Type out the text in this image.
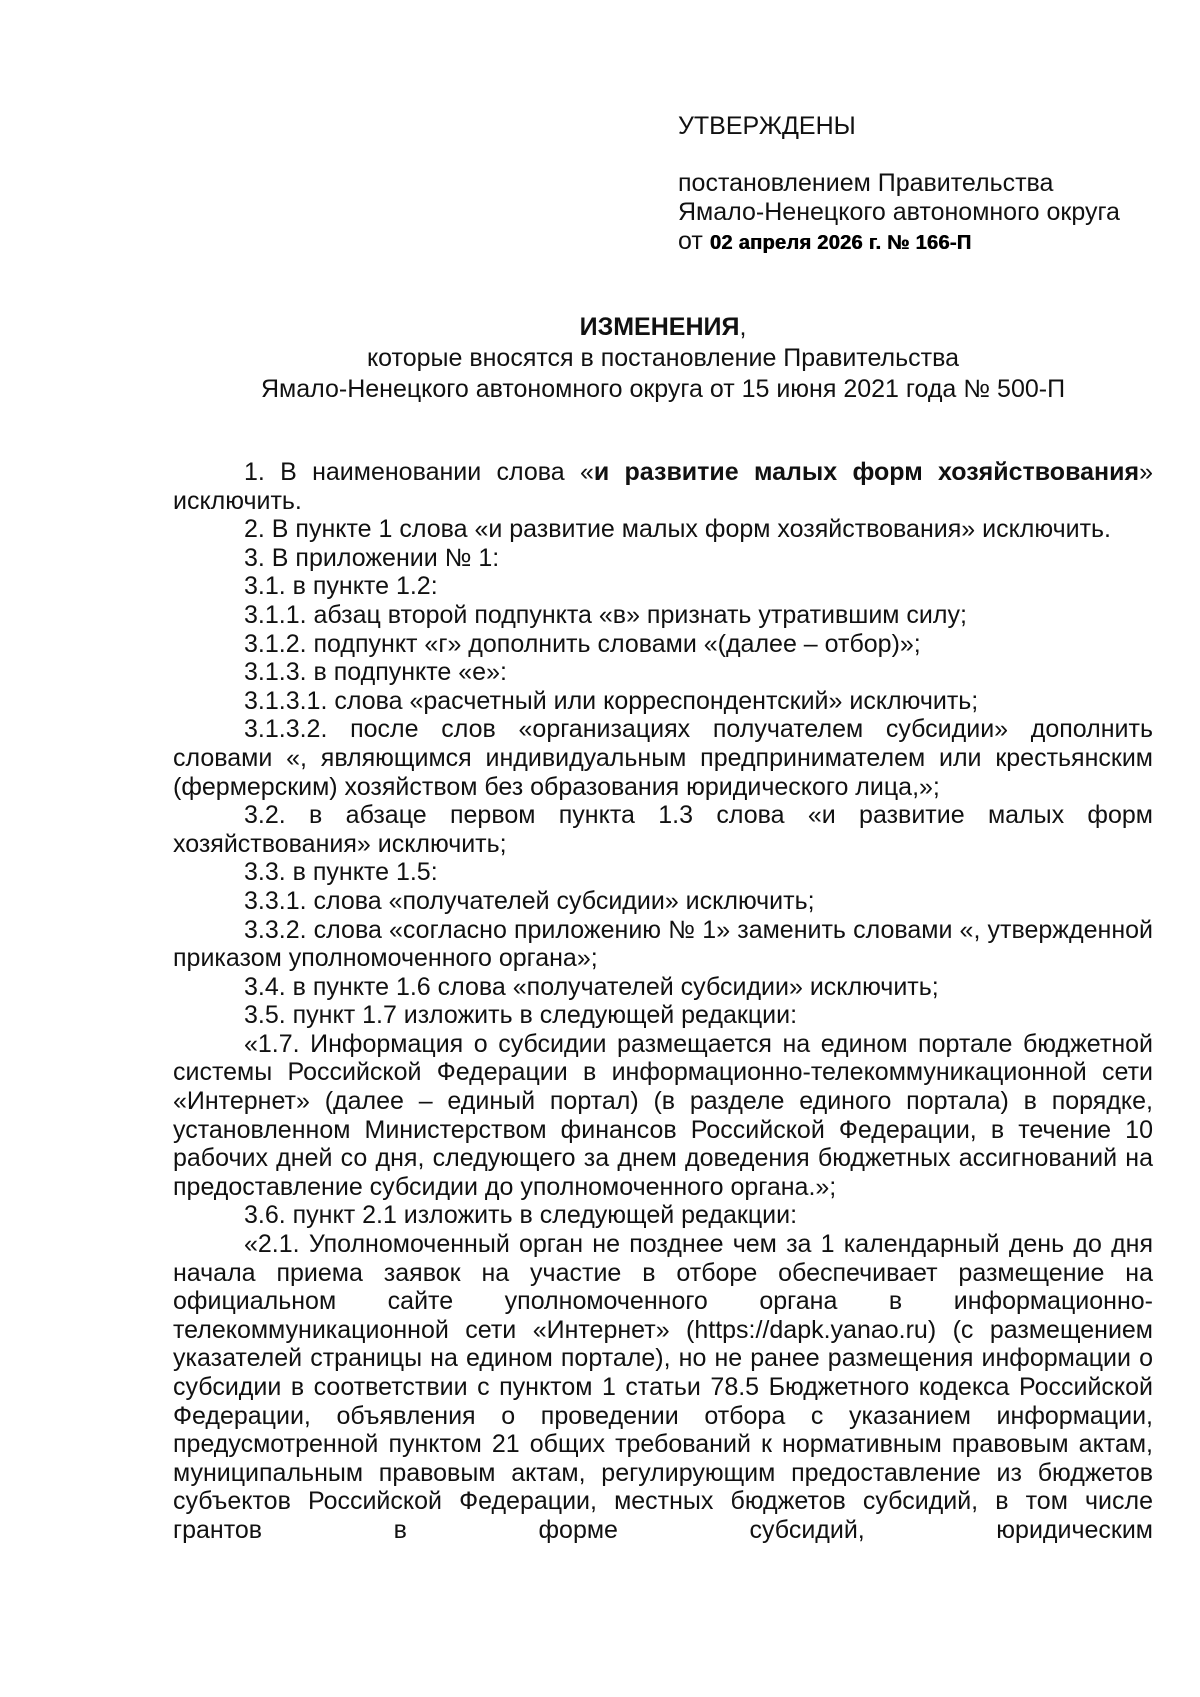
УТВЕРЖДЕНЫ
постановлением Правительства
Ямало-Ненецкого автономного округа
от 02 апреля 2026 г. № 166-П
ИЗМЕНЕНИЯ,
которые вносятся в постановление Правительства
Ямало-Ненецкого автономного округа от 15 июня 2021 года № 500-П

1. В наименовании слова «и развитие малых форм хозяйствования» исключить.

2. В пункте 1 слова «и развитие малых форм хозяйствования» исключить.

3. В приложении № 1:

3.1. в пункте 1.2:

3.1.1. абзац второй подпункта «в» признать утратившим силу;

3.1.2. подпункт «г» дополнить словами «(далее – отбор)»;

3.1.3. в подпункте «е»:

3.1.3.1. слова «расчетный или корреспондентский» исключить;

3.1.3.2. после слов «организациях получателем субсидии» дополнить словами «, являющимся индивидуальным предпринимателем или крестьянским (фермерским) хозяйством без образования юридического лица,»;

3.2. в абзаце первом пункта 1.3 слова «и развитие малых форм хозяйствования» исключить;

3.3. в пункте 1.5:

3.3.1. слова «получателей субсидии» исключить;

3.3.2. слова «согласно приложению № 1» заменить словами «, утвержденной приказом уполномоченного органа»;

3.4. в пункте 1.6 слова «получателей субсидии» исключить;

3.5. пункт 1.7 изложить в следующей редакции:

«1.7. Информация о субсидии размещается на едином портале бюджетной системы Российской Федерации в информационно-телекоммуникационной сети «Интернет» (далее – единый портал) (в разделе единого портала) в порядке, установленном Министерством финансов Российской Федерации, в течение 10 рабочих дней со дня, следующего за днем доведения бюджетных ассигнований на предоставление субсидии до уполномоченного органа.»;

3.6. пункт 2.1 изложить в следующей редакции:

«2.1. Уполномоченный орган не позднее чем за 1 календарный день до дня начала приема заявок на участие в отборе обеспечивает размещение на официальном сайте уполномоченного органа в информационно-телекоммуникационной сети «Интернет» (https://dapk.yanao.ru) (с размещением указателей страницы на едином портале), но не ранее размещения информации о субсидии в соответствии с пунктом 1 статьи 78.5 Бюджетного кодекса Российской Федерации, объявления о проведении отбора с указанием информации, предусмотренной пунктом 21 общих требований к нормативным правовым актам, муниципальным правовым актам, регулирующим предоставление из бюджетов субъектов Российской Федерации, местных бюджетов субсидий, в том числе грантов в форме субсидий, юридическим
